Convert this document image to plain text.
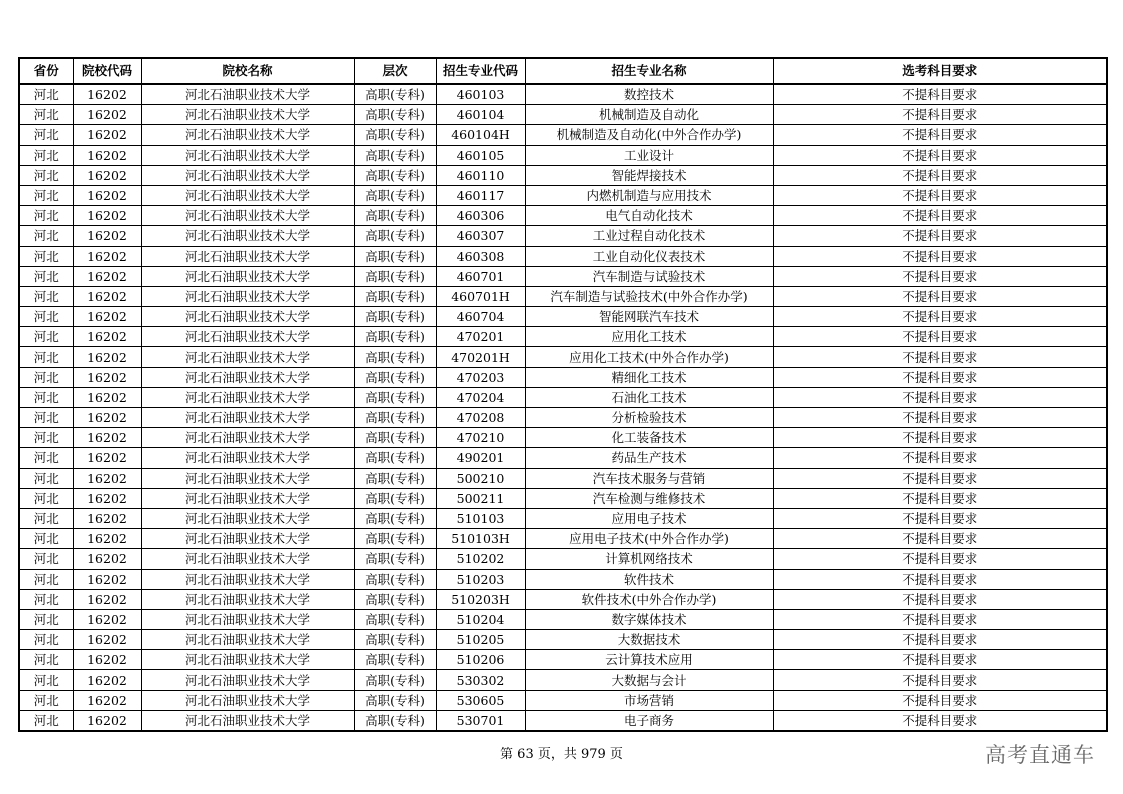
省份	院校代码	院校名称	层次	招生专业代码	招生专业名称	选考科目要求
河北	16202	河北石油职业技术大学	高职(专科)	460103	数控技术	不提科目要求
河北	16202	河北石油职业技术大学	高职(专科)	460104	机械制造及自动化	不提科目要求
河北	16202	河北石油职业技术大学	高职(专科)	460104H	机械制造及自动化(中外合作办学)	不提科目要求
河北	16202	河北石油职业技术大学	高职(专科)	460105	工业设计	不提科目要求
河北	16202	河北石油职业技术大学	高职(专科)	460110	智能焊接技术	不提科目要求
河北	16202	河北石油职业技术大学	高职(专科)	460117	内燃机制造与应用技术	不提科目要求
河北	16202	河北石油职业技术大学	高职(专科)	460306	电气自动化技术	不提科目要求
河北	16202	河北石油职业技术大学	高职(专科)	460307	工业过程自动化技术	不提科目要求
河北	16202	河北石油职业技术大学	高职(专科)	460308	工业自动化仪表技术	不提科目要求
河北	16202	河北石油职业技术大学	高职(专科)	460701	汽车制造与试验技术	不提科目要求
河北	16202	河北石油职业技术大学	高职(专科)	460701H	汽车制造与试验技术(中外合作办学)	不提科目要求
河北	16202	河北石油职业技术大学	高职(专科)	460704	智能网联汽车技术	不提科目要求
河北	16202	河北石油职业技术大学	高职(专科)	470201	应用化工技术	不提科目要求
河北	16202	河北石油职业技术大学	高职(专科)	470201H	应用化工技术(中外合作办学)	不提科目要求
河北	16202	河北石油职业技术大学	高职(专科)	470203	精细化工技术	不提科目要求
河北	16202	河北石油职业技术大学	高职(专科)	470204	石油化工技术	不提科目要求
河北	16202	河北石油职业技术大学	高职(专科)	470208	分析检验技术	不提科目要求
河北	16202	河北石油职业技术大学	高职(专科)	470210	化工装备技术	不提科目要求
河北	16202	河北石油职业技术大学	高职(专科)	490201	药品生产技术	不提科目要求
河北	16202	河北石油职业技术大学	高职(专科)	500210	汽车技术服务与营销	不提科目要求
河北	16202	河北石油职业技术大学	高职(专科)	500211	汽车检测与维修技术	不提科目要求
河北	16202	河北石油职业技术大学	高职(专科)	510103	应用电子技术	不提科目要求
河北	16202	河北石油职业技术大学	高职(专科)	510103H	应用电子技术(中外合作办学)	不提科目要求
河北	16202	河北石油职业技术大学	高职(专科)	510202	计算机网络技术	不提科目要求
河北	16202	河北石油职业技术大学	高职(专科)	510203	软件技术	不提科目要求
河北	16202	河北石油职业技术大学	高职(专科)	510203H	软件技术(中外合作办学)	不提科目要求
河北	16202	河北石油职业技术大学	高职(专科)	510204	数字媒体技术	不提科目要求
河北	16202	河北石油职业技术大学	高职(专科)	510205	大数据技术	不提科目要求
河北	16202	河北石油职业技术大学	高职(专科)	510206	云计算技术应用	不提科目要求
河北	16202	河北石油职业技术大学	高职(专科)	530302	大数据与会计	不提科目要求
河北	16202	河北石油职业技术大学	高职(专科)	530605	市场营销	不提科目要求
河北	16202	河北石油职业技术大学	高职(专科)	530701	电子商务	不提科目要求
第 63 页，共 979 页	高考直通车
